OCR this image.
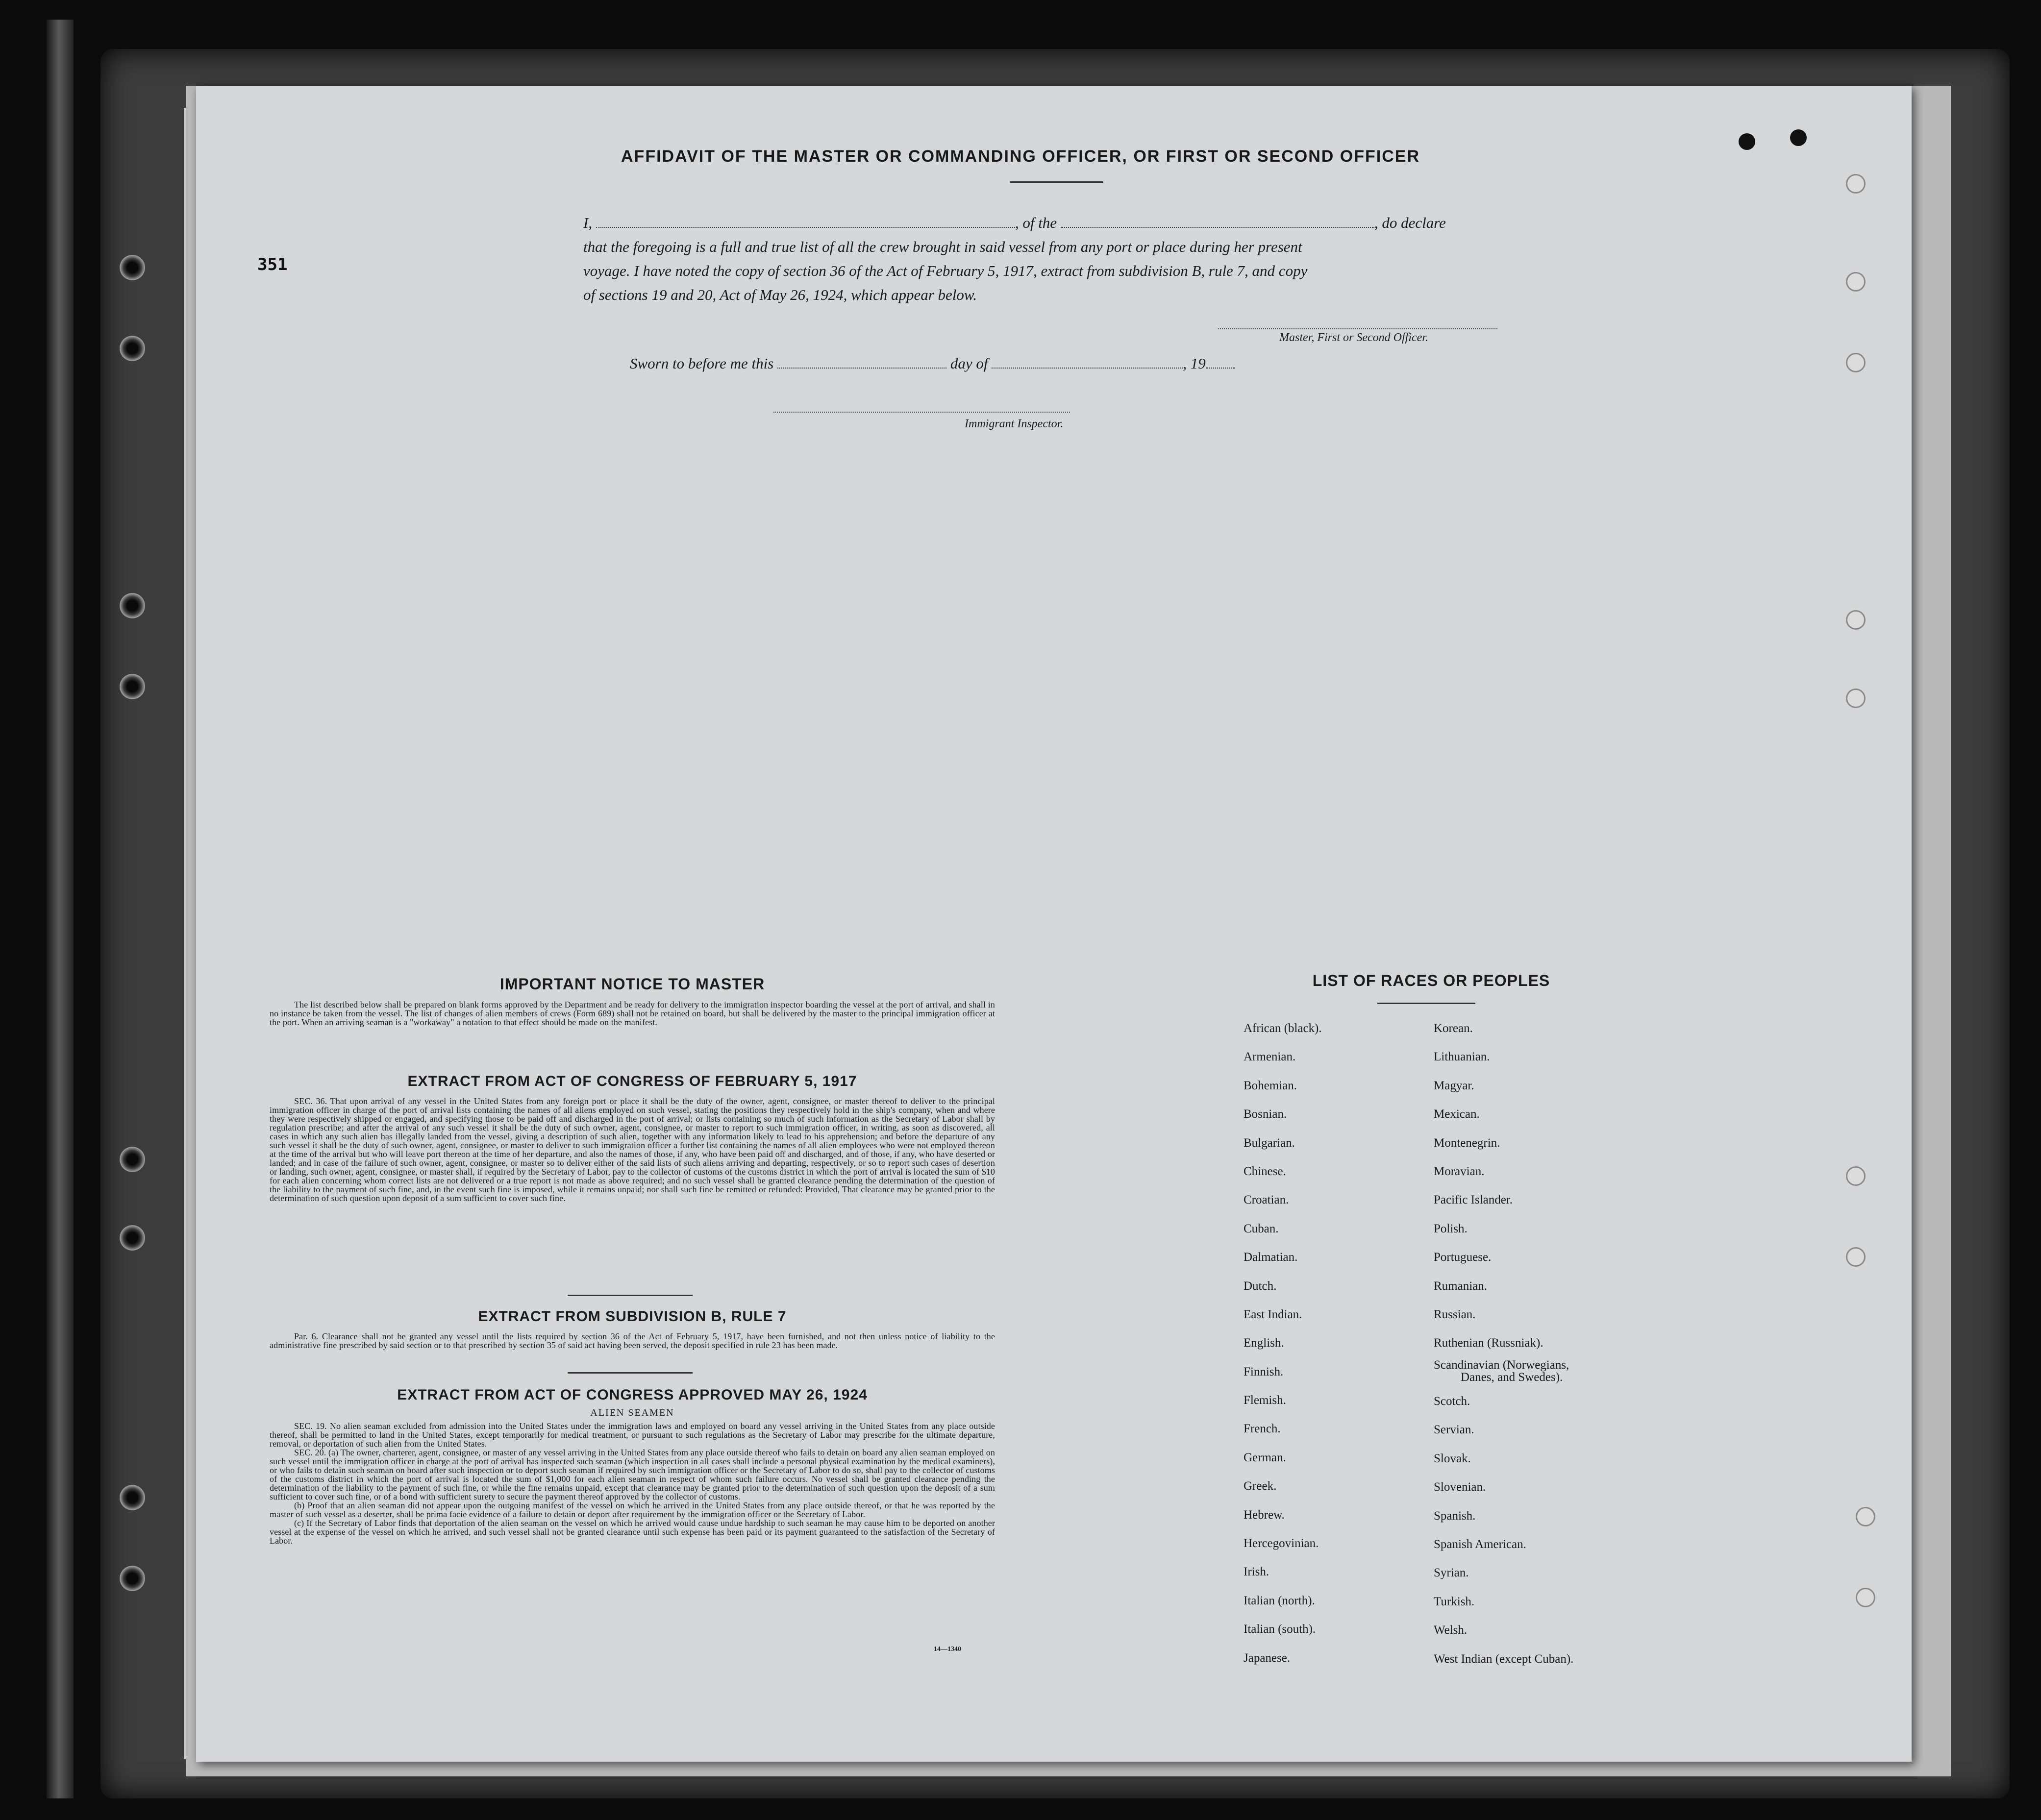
351
AFFIDAVIT OF THE MASTER OR COMMANDING OFFICER, OR FIRST OR SECOND OFFICER
I,	, of the	, do declare
that the foregoing is a full and true list of all the crew brought in said vessel from any port or place during her present
voyage. I have noted the copy of section 36 of the Act of February 5, 1917, extract from subdivision B, rule 7, and copy
of sections 19 and 20, Act of May 26, 1924, which appear below.
Master, First or Second Officer.
Sworn to before me this	day of	, 19
Immigrant Inspector.
IMPORTANT NOTICE TO MASTER

The list described below shall be prepared on blank forms approved by the Department and be ready for delivery to the immigration inspector boarding the vessel at the port of arrival, and shall in no instance be taken from the vessel. The list of changes of alien members of crews (Form 689) shall not be retained on board, but shall be delivered by the master to the principal immigration officer at the port. When an arriving seaman is a "workaway" a notation to that effect should be made on the manifest.

EXTRACT FROM ACT OF CONGRESS OF FEBRUARY 5, 1917

SEC. 36. That upon arrival of any vessel in the United States from any foreign port or place it shall be the duty of the owner, agent, consignee, or master thereof to deliver to the principal immigration officer in charge of the port of arrival lists containing the names of all aliens employed on such vessel, stating the positions they respectively hold in the ship's company, when and where they were respectively shipped or engaged, and specifying those to be paid off and discharged in the port of arrival; or lists containing so much of such information as the Secretary of Labor shall by regulation prescribe; and after the arrival of any such vessel it shall be the duty of such owner, agent, consignee, or master to report to such immigration officer, in writing, as soon as discovered, all cases in which any such alien has illegally landed from the vessel, giving a description of such alien, together with any information likely to lead to his apprehension; and before the departure of any such vessel it shall be the duty of such owner, agent, consignee, or master to deliver to such immigration officer a further list containing the names of all alien employees who were not employed thereon at the time of the arrival but who will leave port thereon at the time of her departure, and also the names of those, if any, who have been paid off and discharged, and of those, if any, who have deserted or landed; and in case of the failure of such owner, agent, consignee, or master so to deliver either of the said lists of such aliens arriving and departing, respectively, or so to report such cases of desertion or landing, such owner, agent, consignee, or master shall, if required by the Secretary of Labor, pay to the collector of customs of the customs district in which the port of arrival is located the sum of $10 for each alien concerning whom correct lists are not delivered or a true report is not made as above required; and no such vessel shall be granted clearance pending the determination of the question of the liability to the payment of such fine, and, in the event such fine is imposed, while it remains unpaid; nor shall such fine be remitted or refunded: Provided, That clearance may be granted prior to the determination of such question upon deposit of a sum sufficient to cover such fine.

EXTRACT FROM SUBDIVISION B, RULE 7

Par. 6. Clearance shall not be granted any vessel until the lists required by section 36 of the Act of February 5, 1917, have been furnished, and not then unless notice of liability to the administrative fine prescribed by said section or to that prescribed by section 35 of said act having been served, the deposit specified in rule 23 has been made.

EXTRACT FROM ACT OF CONGRESS APPROVED MAY 26, 1924
ALIEN SEAMEN

SEC. 19. No alien seaman excluded from admission into the United States under the immigration laws and employed on board any vessel arriving in the United States from any place outside thereof, shall be permitted to land in the United States, except temporarily for medical treatment, or pursuant to such regulations as the Secretary of Labor may prescribe for the ultimate departure, removal, or deportation of such alien from the United States.

SEC. 20. (a) The owner, charterer, agent, consignee, or master of any vessel arriving in the United States from any place outside thereof who fails to detain on board any alien seaman employed on such vessel until the immigration officer in charge at the port of arrival has inspected such seaman (which inspection in all cases shall include a personal physical examination by the medical examiners), or who fails to detain such seaman on board after such inspection or to deport such seaman if required by such immigration officer or the Secretary of Labor to do so, shall pay to the collector of customs of the customs district in which the port of arrival is located the sum of $1,000 for each alien seaman in respect of whom such failure occurs. No vessel shall be granted clearance pending the determination of the liability to the payment of such fine, or while the fine remains unpaid, except that clearance may be granted prior to the determination of such question upon the deposit of a sum sufficient to cover such fine, or of a bond with sufficient surety to secure the payment thereof approved by the collector of customs.

(b) Proof that an alien seaman did not appear upon the outgoing manifest of the vessel on which he arrived in the United States from any place outside thereof, or that he was reported by the master of such vessel as a deserter, shall be prima facie evidence of a failure to detain or deport after requirement by the immigration officer or the Secretary of Labor.

(c) If the Secretary of Labor finds that deportation of the alien seaman on the vessel on which he arrived would cause undue hardship to such seaman he may cause him to be deported on another vessel at the expense of the vessel on which he arrived, and such vessel shall not be granted clearance until such expense has been paid or its payment guaranteed to the satisfaction of the Secretary of Labor.

14—1340
LIST OF RACES OR PEOPLES
African (black).
Armenian.
Bohemian.
Bosnian.
Bulgarian.
Chinese.
Croatian.
Cuban.
Dalmatian.
Dutch.
East Indian.
English.
Finnish.
Flemish.
French.
German.
Greek.
Hebrew.
Hercegovinian.
Irish.
Italian (north).
Italian (south).
Japanese.
Korean.
Lithuanian.
Magyar.
Mexican.
Montenegrin.
Moravian.
Pacific Islander.
Polish.
Portuguese.
Rumanian.
Russian.
Ruthenian (Russniak).
Scandinavian (Norwegians,
Danes, and Swedes).
Scotch.
Servian.
Slovak.
Slovenian.
Spanish.
Spanish American.
Syrian.
Turkish.
Welsh.
West Indian (except Cuban).
